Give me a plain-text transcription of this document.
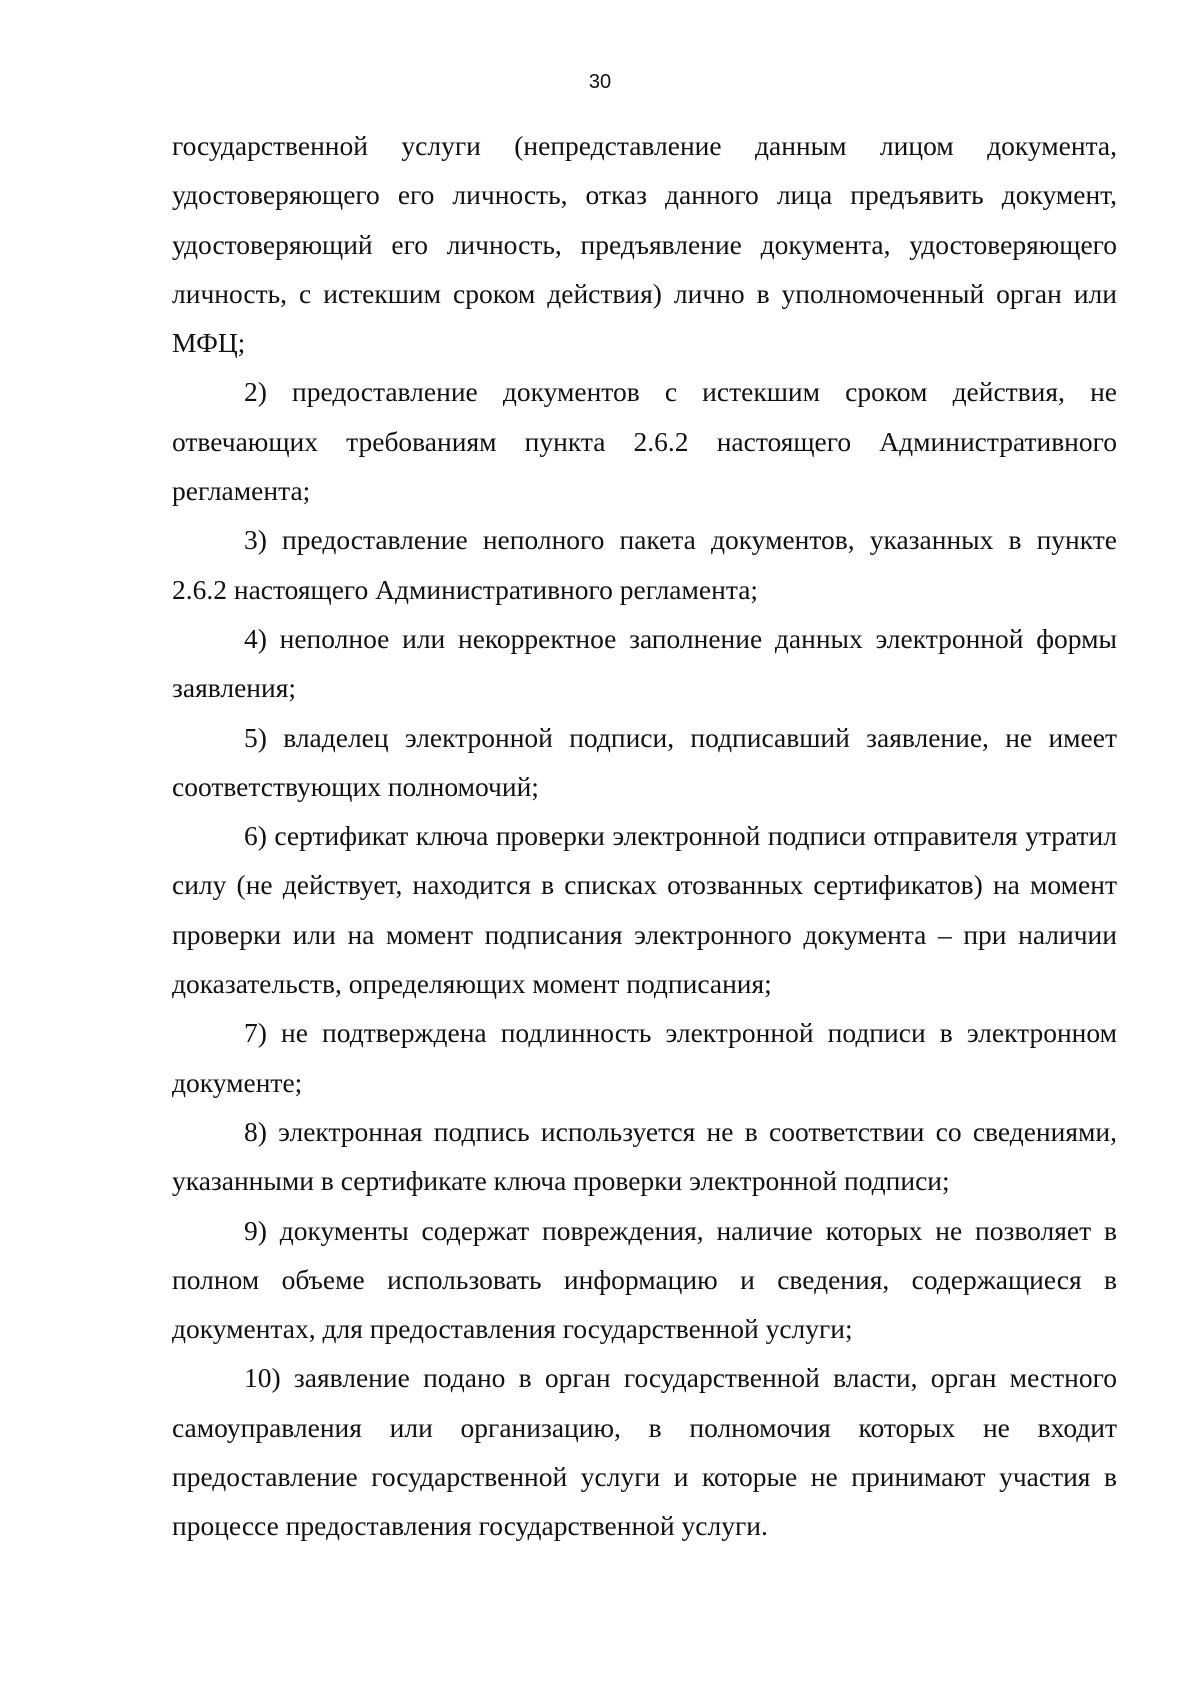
30

государственной услуги (непредставление данным лицом документа, удостоверяющего его личность, отказ данного лица предъявить документ, удостоверяющий его личность, предъявление документа, удостоверяющего личность, с истекшим сроком действия) лично в уполномоченный орган или МФЦ;

2) предоставление документов с истекшим сроком действия, не отвечающих требованиям пункта 2.6.2 настоящего Административного регламента;

3) предоставление неполного пакета документов, указанных в пункте 2.6.2 настоящего Административного регламента;

4) неполное или некорректное заполнение данных электронной формы заявления;

5) владелец электронной подписи, подписавший заявление, не имеет соответствующих полномочий;

6) сертификат ключа проверки электронной подписи отправителя утратил силу (не действует, находится в списках отозванных сертификатов) на момент проверки или на момент подписания электронного документа – при наличии доказательств, определяющих момент подписания;

7) не подтверждена подлинность электронной подписи в электронном документе;

8) электронная подпись используется не в соответствии со сведениями, указанными в сертификате ключа проверки электронной подписи;

9) документы содержат повреждения, наличие которых не позволяет в полном объеме использовать информацию и сведения, содержащиеся в документах, для предоставления государственной услуги;

10) заявление подано в орган государственной власти, орган местного самоуправления или организацию, в полномочия которых не входит предоставление государственной услуги и которые не принимают участия в процессе предоставления государственной услуги.
